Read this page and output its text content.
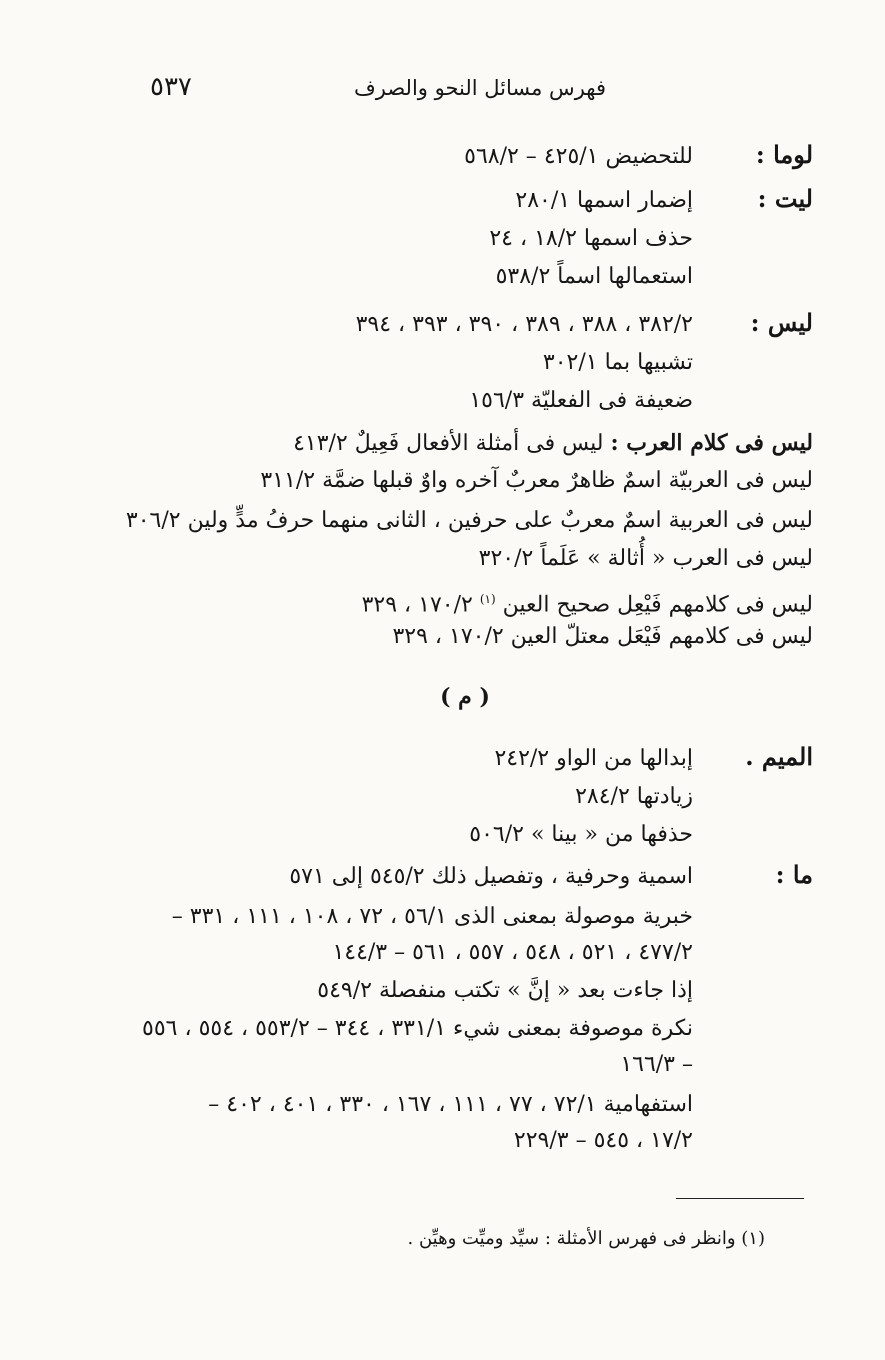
فهرس مسائل النحو والصرف
٥٣٧
لوما :
للتحضيض ٤٢٥/١ – ٥٦٨/٢
ليت :
إضمار اسمها ٢٨٠/١
حذف اسمها ١٨/٢ ، ٢٤
استعمالها اسماً ٥٣٨/٢
ليس :
٣٨٢/٢ ، ٣٨٨ ، ٣٨٩ ، ٣٩٠ ، ٣٩٣ ، ٣٩٤
تشبيها بما ٣٠٢/١
ضعيفة فى الفعليّة ١٥٦/٣
ليس فى كلام العرب : ليس فى أمثلة الأفعال فَعِيلٌ ٤١٣/٢
ليس فى العربيّة اسمٌ ظاهرٌ معربٌ آخره واوٌ قبلها ضمَّة ٣١١/٢
ليس فى العربية اسمٌ معربٌ على حرفين ، الثانى منهما حرفُ مدٍّ ولين ٣٠٦/٢
ليس فى العرب « أُثالة » عَلَماً ٣٢٠/٢
ليس فى كلامهم فَيْعِل صحيح العين $^{(١)}$ ١٧٠/٢ ، ٣٢٩
ليس فى كلامهم فَيْعَل معتلّ العين ١٧٠/٢ ، ٣٢٩
( م )
الميم .
إبدالها من الواو ٢٤٢/٢
زيادتها ٢٨٤/٢
حذفها من « بينا » ٥٠٦/٢
ما :
اسمية وحرفية ، وتفصيل ذلك ٥٤٥/٢ إلى ٥٧١
خبرية موصولة بمعنى الذى ٥٦/١ ، ٧٢ ، ١٠٨ ، ١١١ ، ٣٣١ –
٤٧٧/٢ ، ٥٢١ ، ٥٤٨ ، ٥٥٧ ، ٥٦١ – ١٤٤/٣
إذا جاءت بعد « إنَّ » تكتب منفصلة ٥٤٩/٢
نكرة موصوفة بمعنى شيء ٣٣١/١ ، ٣٤٤ – ٥٥٣/٢ ، ٥٥٤ ، ٥٥٦
– ١٦٦/٣
استفهامية ٧٢/١ ، ٧٧ ، ١١١ ، ١٦٧ ، ٣٣٠ ، ٤٠١ ، ٤٠٢ –
١٧/٢ ، ٥٤٥ – ٢٢٩/٣
(١) وانظر فى فهرس الأمثلة : سيِّد وميِّت وهيِّن .
